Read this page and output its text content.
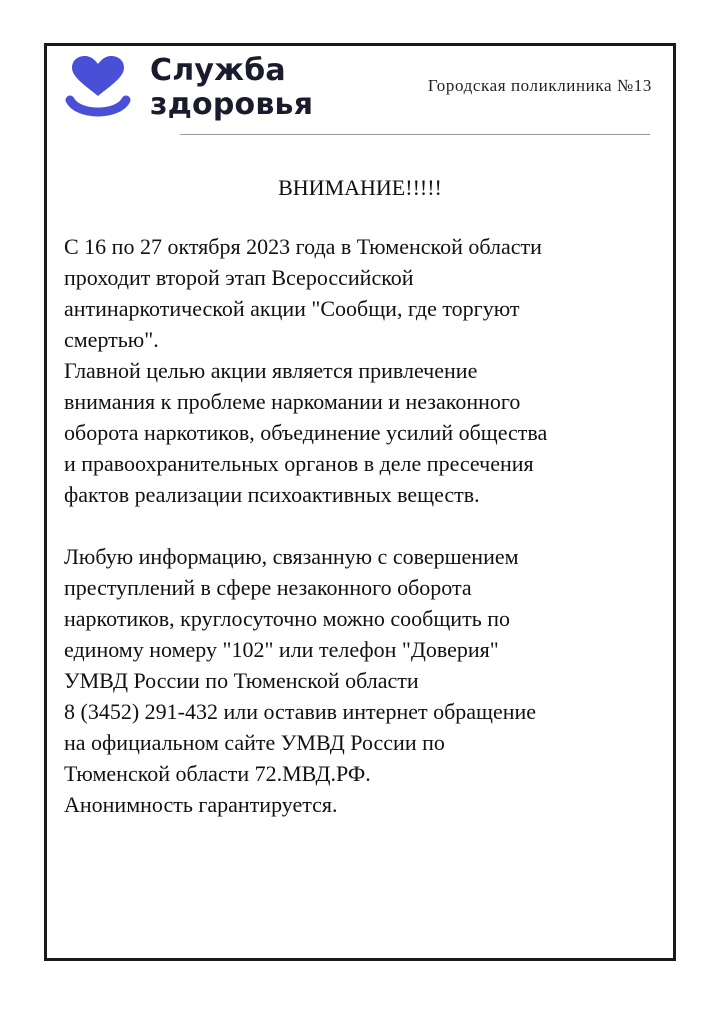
Служба
здоровья
Городская поликлиника №13
ВНИМАНИЕ!!!!!
С 16 по 27 октября 2023 года в Тюменской области
проходит второй этап Всероссийской
антинаркотической акции "Сообщи, где торгуют
смертью".
Главной целью акции является привлечение
внимания к проблеме наркомании и незаконного
оборота наркотиков, объединение усилий общества
и правоохранительных органов в деле пресечения
фактов реализации психоактивных веществ.
Любую информацию, связанную с совершением
преступлений в сфере незаконного оборота
наркотиков, круглосуточно можно сообщить по
единому номеру "102" или телефон "Доверия"
УМВД России по Тюменской области
8 (3452) 291-432 или оставив интернет обращение
на официальном сайте УМВД России по
Тюменской области 72.МВД.РФ.
Анонимность гарантируется.
